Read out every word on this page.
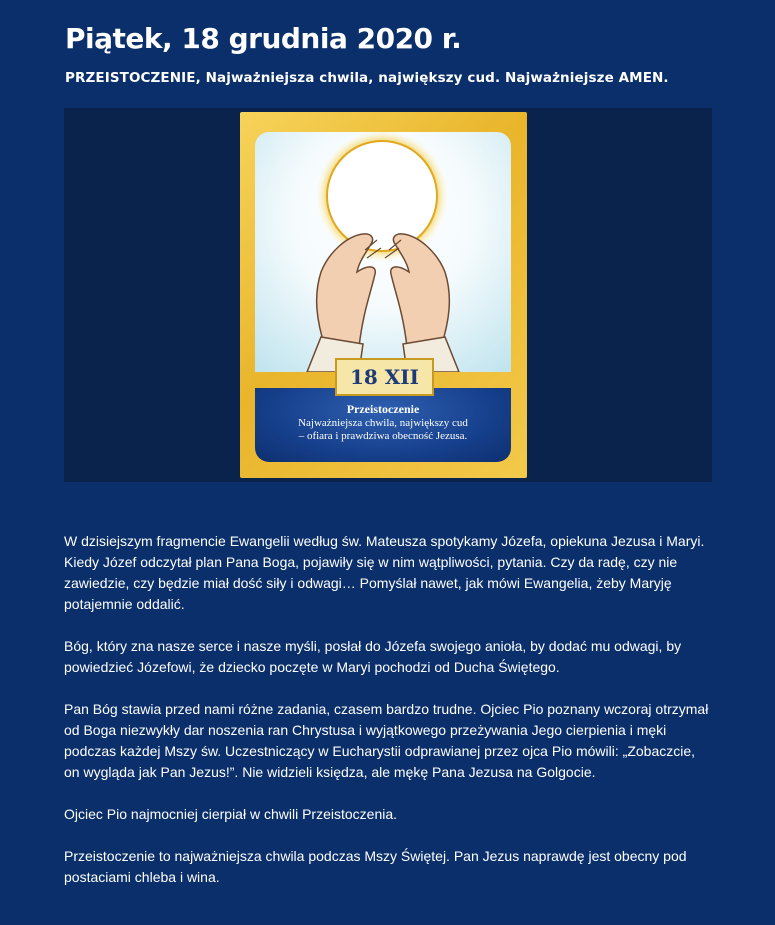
Piątek, 18 grudnia 2020 r.

PRZEISTOCZENIE, Najważniejsza chwila, największy cud. Najważniejsze AMEN.

Przeistoczenie
Najważniejsza chwila, największy cud
– ofiara i prawdziwa obecność Jezusa.
18 XII

W dzisiejszym fragmencie Ewangelii według św. Mateusza spotykamy Józefa, opiekuna Jezusa i Maryi. Kiedy Józef odczytał plan Pana Boga, pojawiły się w nim wątpliwości, pytania. Czy da radę, czy nie zawiedzie, czy będzie miał dość siły i odwagi… Pomyślał nawet, jak mówi Ewangelia, żeby Maryję potajemnie oddalić.

Bóg, który zna nasze serce i nasze myśli, posłał do Józefa swojego anioła, by dodać mu odwagi, by powiedzieć Józefowi, że dziecko poczęte w Maryi pochodzi od Ducha Świętego.

Pan Bóg stawia przed nami różne zadania, czasem bardzo trudne. Ojciec Pio poznany wczoraj otrzymał od Boga niezwykły dar noszenia ran Chrystusa i wyjątkowego przeżywania Jego cierpienia i męki podczas każdej Mszy św. Uczestniczący w Eucharystii odprawianej przez ojca Pio mówili: „Zobaczcie, on wygląda jak Pan Jezus!”. Nie widzieli księdza, ale mękę Pana Jezusa na Golgocie.

Ojciec Pio najmocniej cierpiał w chwili Przeistoczenia.

Przeistoczenie to najważniejsza chwila podczas Mszy Świętej. Pan Jezus naprawdę jest obecny pod postaciami chleba i wina.
